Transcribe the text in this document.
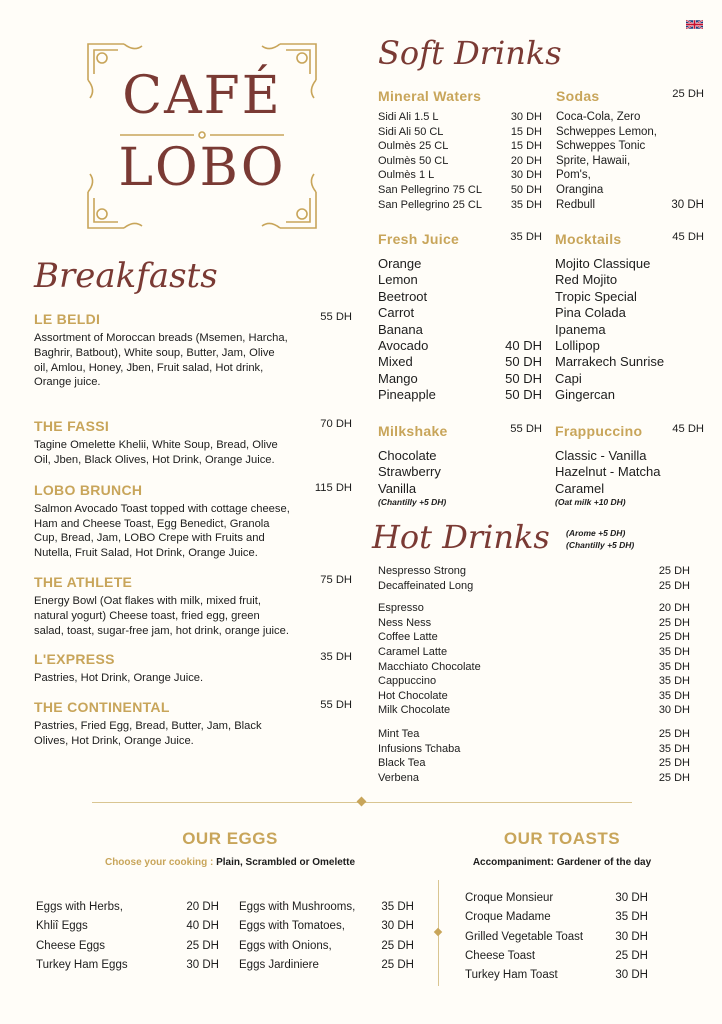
CAFÉ
LOBO
Soft Drinks
Mineral Waters
Sidi Ali 1.5 L	30 DH
Sidi Ali 50 CL	15 DH
Oulmès 25 CL	15 DH
Oulmès 50 CL	20 DH
Oulmès 1 L	30 DH
San Pellegrino 75 CL	50 DH
San Pellegrino 25 CL	35 DH
Sodas	25 DH
Coca-Cola, Zero
Schweppes Lemon,
Schweppes Tonic
Sprite, Hawaii,
Pom's,
Orangina
Redbull	30 DH
Fresh Juice	35 DH
Orange
Lemon
Beetroot
Carrot
Banana
Avocado	40 DH
Mixed	50 DH
Mango	50 DH
Pineapple	50 DH
Mocktails	45 DH
Mojito Classique
Red Mojito
Tropic Special
Pina Colada
Ipanema
Lollipop
Marrakech Sunrise
Capi
Gingercan
Milkshake	55 DH
Chocolate
Strawberry
Vanilla
(Chantilly +5 DH)
Frappuccino	45 DH
Classic - Vanilla
Hazelnut - Matcha
Caramel
(Oat milk +10 DH)
Hot Drinks (Arome +5 DH)
(Chantilly +5 DH)
Nespresso Strong	25 DH
Decaffeinated Long	25 DH
Espresso	20 DH
Ness Ness	25 DH
Coffee Latte	25 DH
Caramel Latte	35 DH
Macchiato Chocolate	35 DH
Cappuccino	35 DH
Hot Chocolate	35 DH
Milk Chocolate	30 DH
Mint Tea	25 DH
Infusions Tchaba	35 DH
Black Tea	25 DH
Verbena	25 DH
Breakfasts
LE BELDI	55 DH
Assortment of Moroccan breads (Msemen, Harcha, Baghrir, Batbout), White soup, Butter, Jam, Olive oil, Amlou, Honey, Jben, Fruit salad, Hot drink, Orange juice.
THE FASSI	70 DH
Tagine Omelette Khelii, White Soup, Bread, Olive Oil, Jben, Black Olives, Hot Drink, Orange Juice.
LOBO BRUNCH	115 DH
Salmon Avocado Toast topped with cottage cheese, Ham and Cheese Toast, Egg Benedict, Granola Cup, Bread, Jam, LOBO Crepe with Fruits and Nutella, Fruit Salad, Hot Drink, Orange Juice.
THE ATHLETE	75 DH
Energy Bowl (Oat flakes with milk, mixed fruit, natural yogurt) Cheese toast, fried egg, green salad, toast, sugar-free jam, hot drink, orange juice.
L'EXPRESS	35 DH
Pastries, Hot Drink, Orange Juice.
THE CONTINENTAL	55 DH
Pastries, Fried Egg, Bread, Butter, Jam, Black Olives, Hot Drink, Orange Juice.
OUR EGGS
Choose your cooking : Plain, Scrambled or Omelette
Eggs with Herbs,	20 DH
Khliî Eggs	40 DH
Cheese Eggs	25 DH
Turkey Ham Eggs	30 DH
Eggs with Mushrooms, 35 DH
Eggs with Tomatoes,	30 DH
Eggs with Onions,	25 DH
Eggs Jardiniere	25 DH
OUR TOASTS
Accompaniment: Gardener of the day
Croque Monsieur	30 DH
Croque Madame	35 DH
Grilled Vegetable Toast	30 DH
Cheese Toast	25 DH
Turkey Ham Toast	30 DH
